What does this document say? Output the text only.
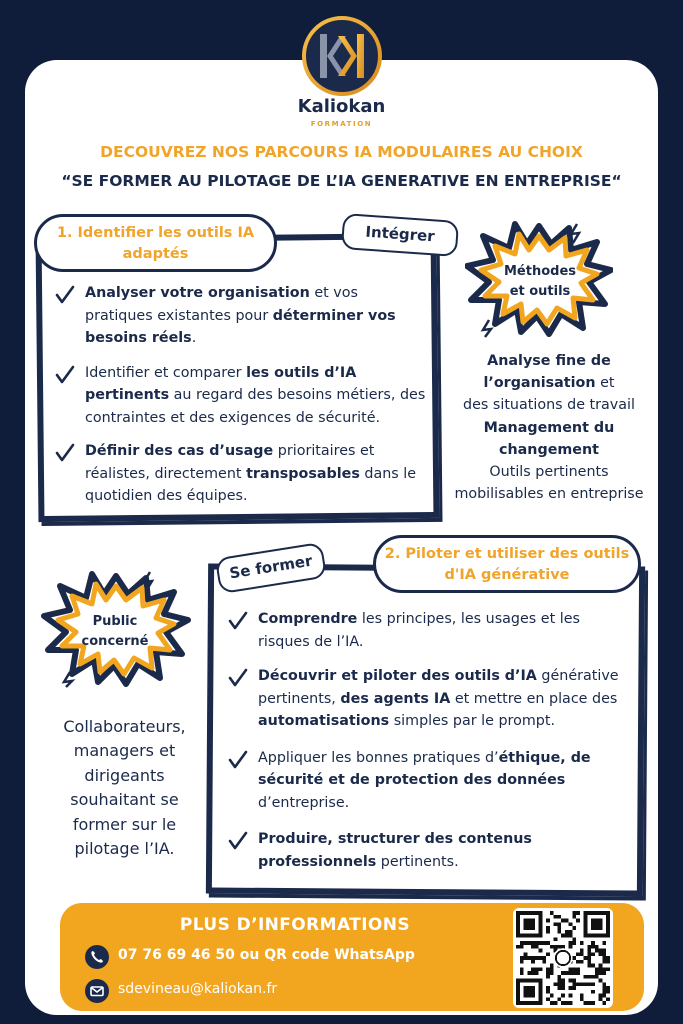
Kaliokan
FORMATION
DECOUVREZ NOS PARCOURS IA MODULAIRES AU CHOIX
“SE FORMER AU PILOTAGE DE L’IA GENERATIVE EN ENTREPRISE“
1. Identifier les outils IA
adaptés
Intégrer
Analyser votre organisation et vos pratiques existantes pour déterminer vos besoins réels.
Identifier et comparer les outils d’IA pertinents au regard des besoins métiers, des contraintes et des exigences de sécurité.
Définir des cas d’usage prioritaires et réalistes, directement transposables dans le quotidien des équipes.
Méthodes
et outils
Analyse fine de
l’organisation et
des situations de travail
Management du
changement
Outils pertinents
mobilisables en entreprise
2. Piloter et utiliser des outils
d'IA générative
Se former
Comprendre les principes, les usages et les risques de l’IA.
Découvrir et piloter des outils d’IA générative pertinents, des agents IA et mettre en place des automatisations simples par le prompt.
Appliquer les bonnes pratiques d’éthique, de sécurité et de protection des données d’entreprise.
Produire, structurer des contenus professionnels pertinents.
Public
concerné
Collaborateurs,
managers et
dirigeants
souhaitant se
former sur le
pilotage l’IA.
PLUS D’INFORMATIONS
07 76 69 46 50 ou QR code WhatsApp
sdevineau@kaliokan.fr
